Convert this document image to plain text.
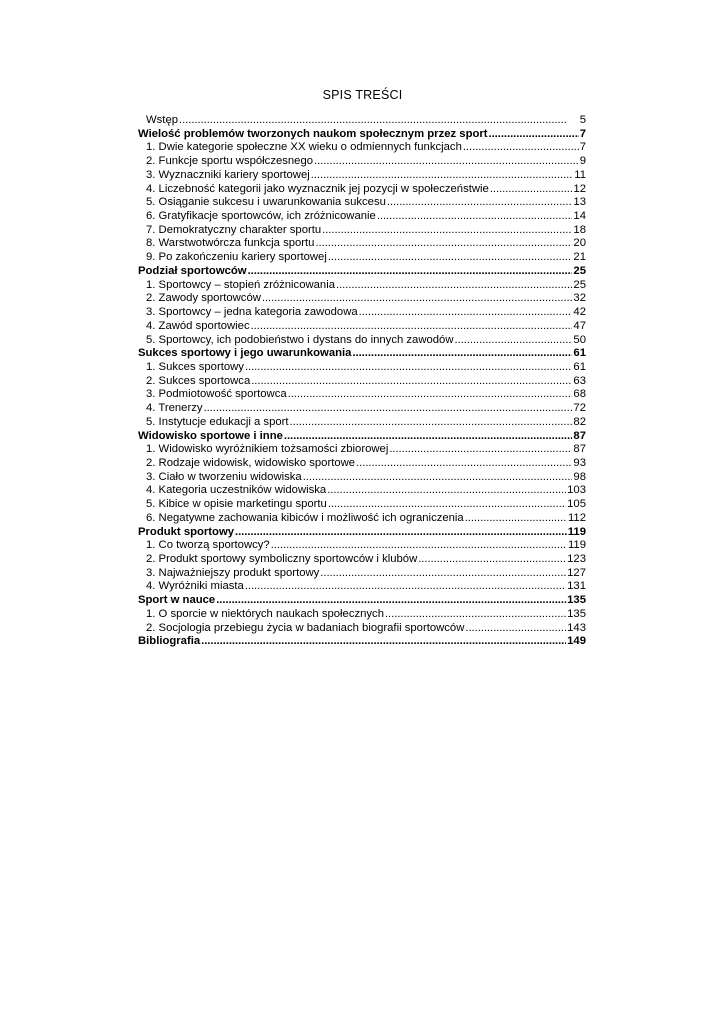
SPIS TREŚCI
Wstęp . . .	5
Wielość problemów tworzonych naukom społecznym przez sport . . .	7
1. Dwie kategorie społeczne XX wieku o odmiennych funkcjach . . .	7
2. Funkcje sportu współczesnego . . .	9
3. Wyznaczniki kariery sportowej . . .	11
4. Liczebność kategorii jako wyznacznik jej pozycji w społeczeństwie . . .	12
5. Osiąganie sukcesu i uwarunkowania sukcesu . . .	13
6. Gratyfikacje sportowców, ich zróżnicowanie . . .	14
7. Demokratyczny charakter sportu . . .	18
8. Warstwotwórcza funkcja sportu . . .	20
9. Po zakończeniu kariery sportowej . . .	21
Podział sportowców . . .	25
1. Sportowcy – stopień zróżnicowania . . .	25
2. Zawody sportowców . . .	32
3. Sportowcy – jedna kategoria zawodowa . . .	42
4. Zawód sportowiec . . .	47
5. Sportowcy, ich podobieństwo i dystans do innych zawodów . . .	50
Sukces sportowy i jego uwarunkowania . . .	61
1. Sukces sportowy . . .	61
2. Sukces sportowca . . .	63
3. Podmiotowość sportowca . . .	68
4. Trenerzy . . .	72
5. Instytucje edukacji a sport . . .	82
Widowisko sportowe i inne . . .	87
1. Widowisko wyróżnikiem tożsamości zbiorowej . . .	87
2. Rodzaje widowisk, widowisko sportowe . . .	93
3. Ciało w tworzeniu widowiska . . .	98
4. Kategoria uczestników widowiska . . .	103
5. Kibice w opisie marketingu sportu . . .	105
6. Negatywne zachowania kibiców i możliwość ich ograniczenia . . .	112
Produkt sportowy . . .	119
1. Co tworzą sportowcy? . . .	119
2. Produkt sportowy symboliczny sportowców i klubów . . .	123
3. Najważniejszy produkt sportowy . . .	127
4. Wyróżniki miasta . . .	131
Sport w nauce . . .	135
1. O sporcie w niektórych naukach społecznych . . .	135
2. Socjologia przebiegu życia w badaniach biografii sportowców . . .	143
Bibliografia . . .	149
